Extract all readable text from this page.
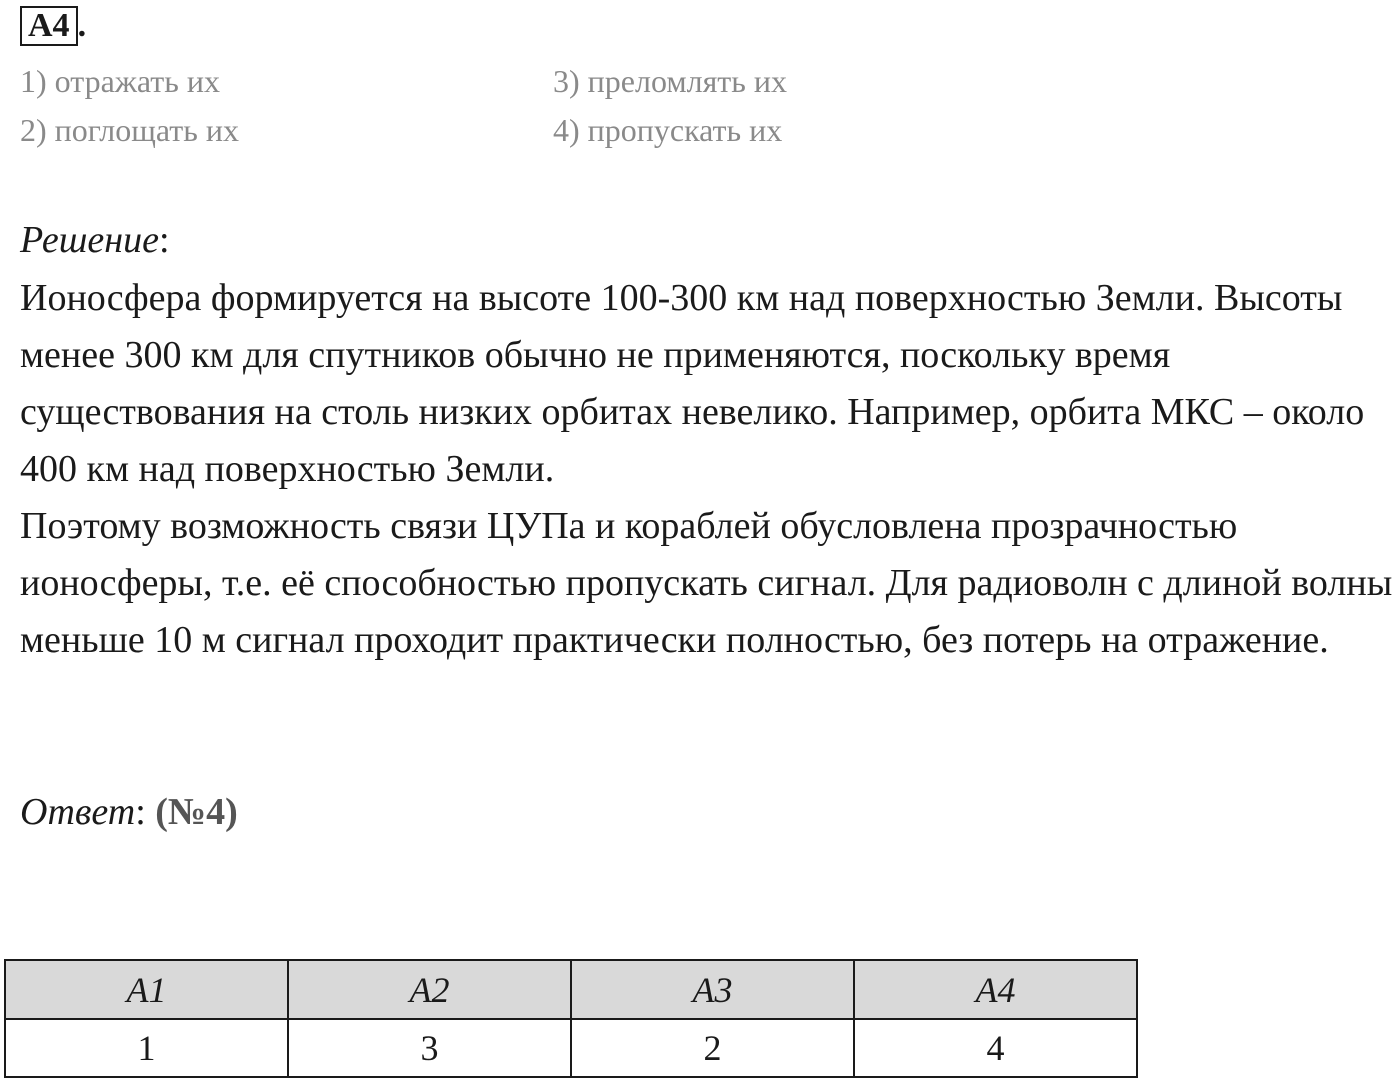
A4 .
1) отражать их
2) поглощать их
3) преломлять их
4) пропускать их
Решение:

Ионосфера формируется на высоте 100-300 км над поверхностью Земли. Высоты менее 300 км для спутников обычно не применяются, поскольку время существования на столь низких орбитах невелико. Например, орбита МКС – около 400 км над поверхностью Земли.

Поэтому возможность связи ЦУПа и кораблей обусловлена прозрачностью ионосферы, т.е. её способностью пропускать сигнал. Для радиоволн с длиной волны меньше 10 м сигнал проходит практически полностью, без потерь на отражение.

Ответ: (№4)
A1	A2	A3	A4
1	3	2	4
